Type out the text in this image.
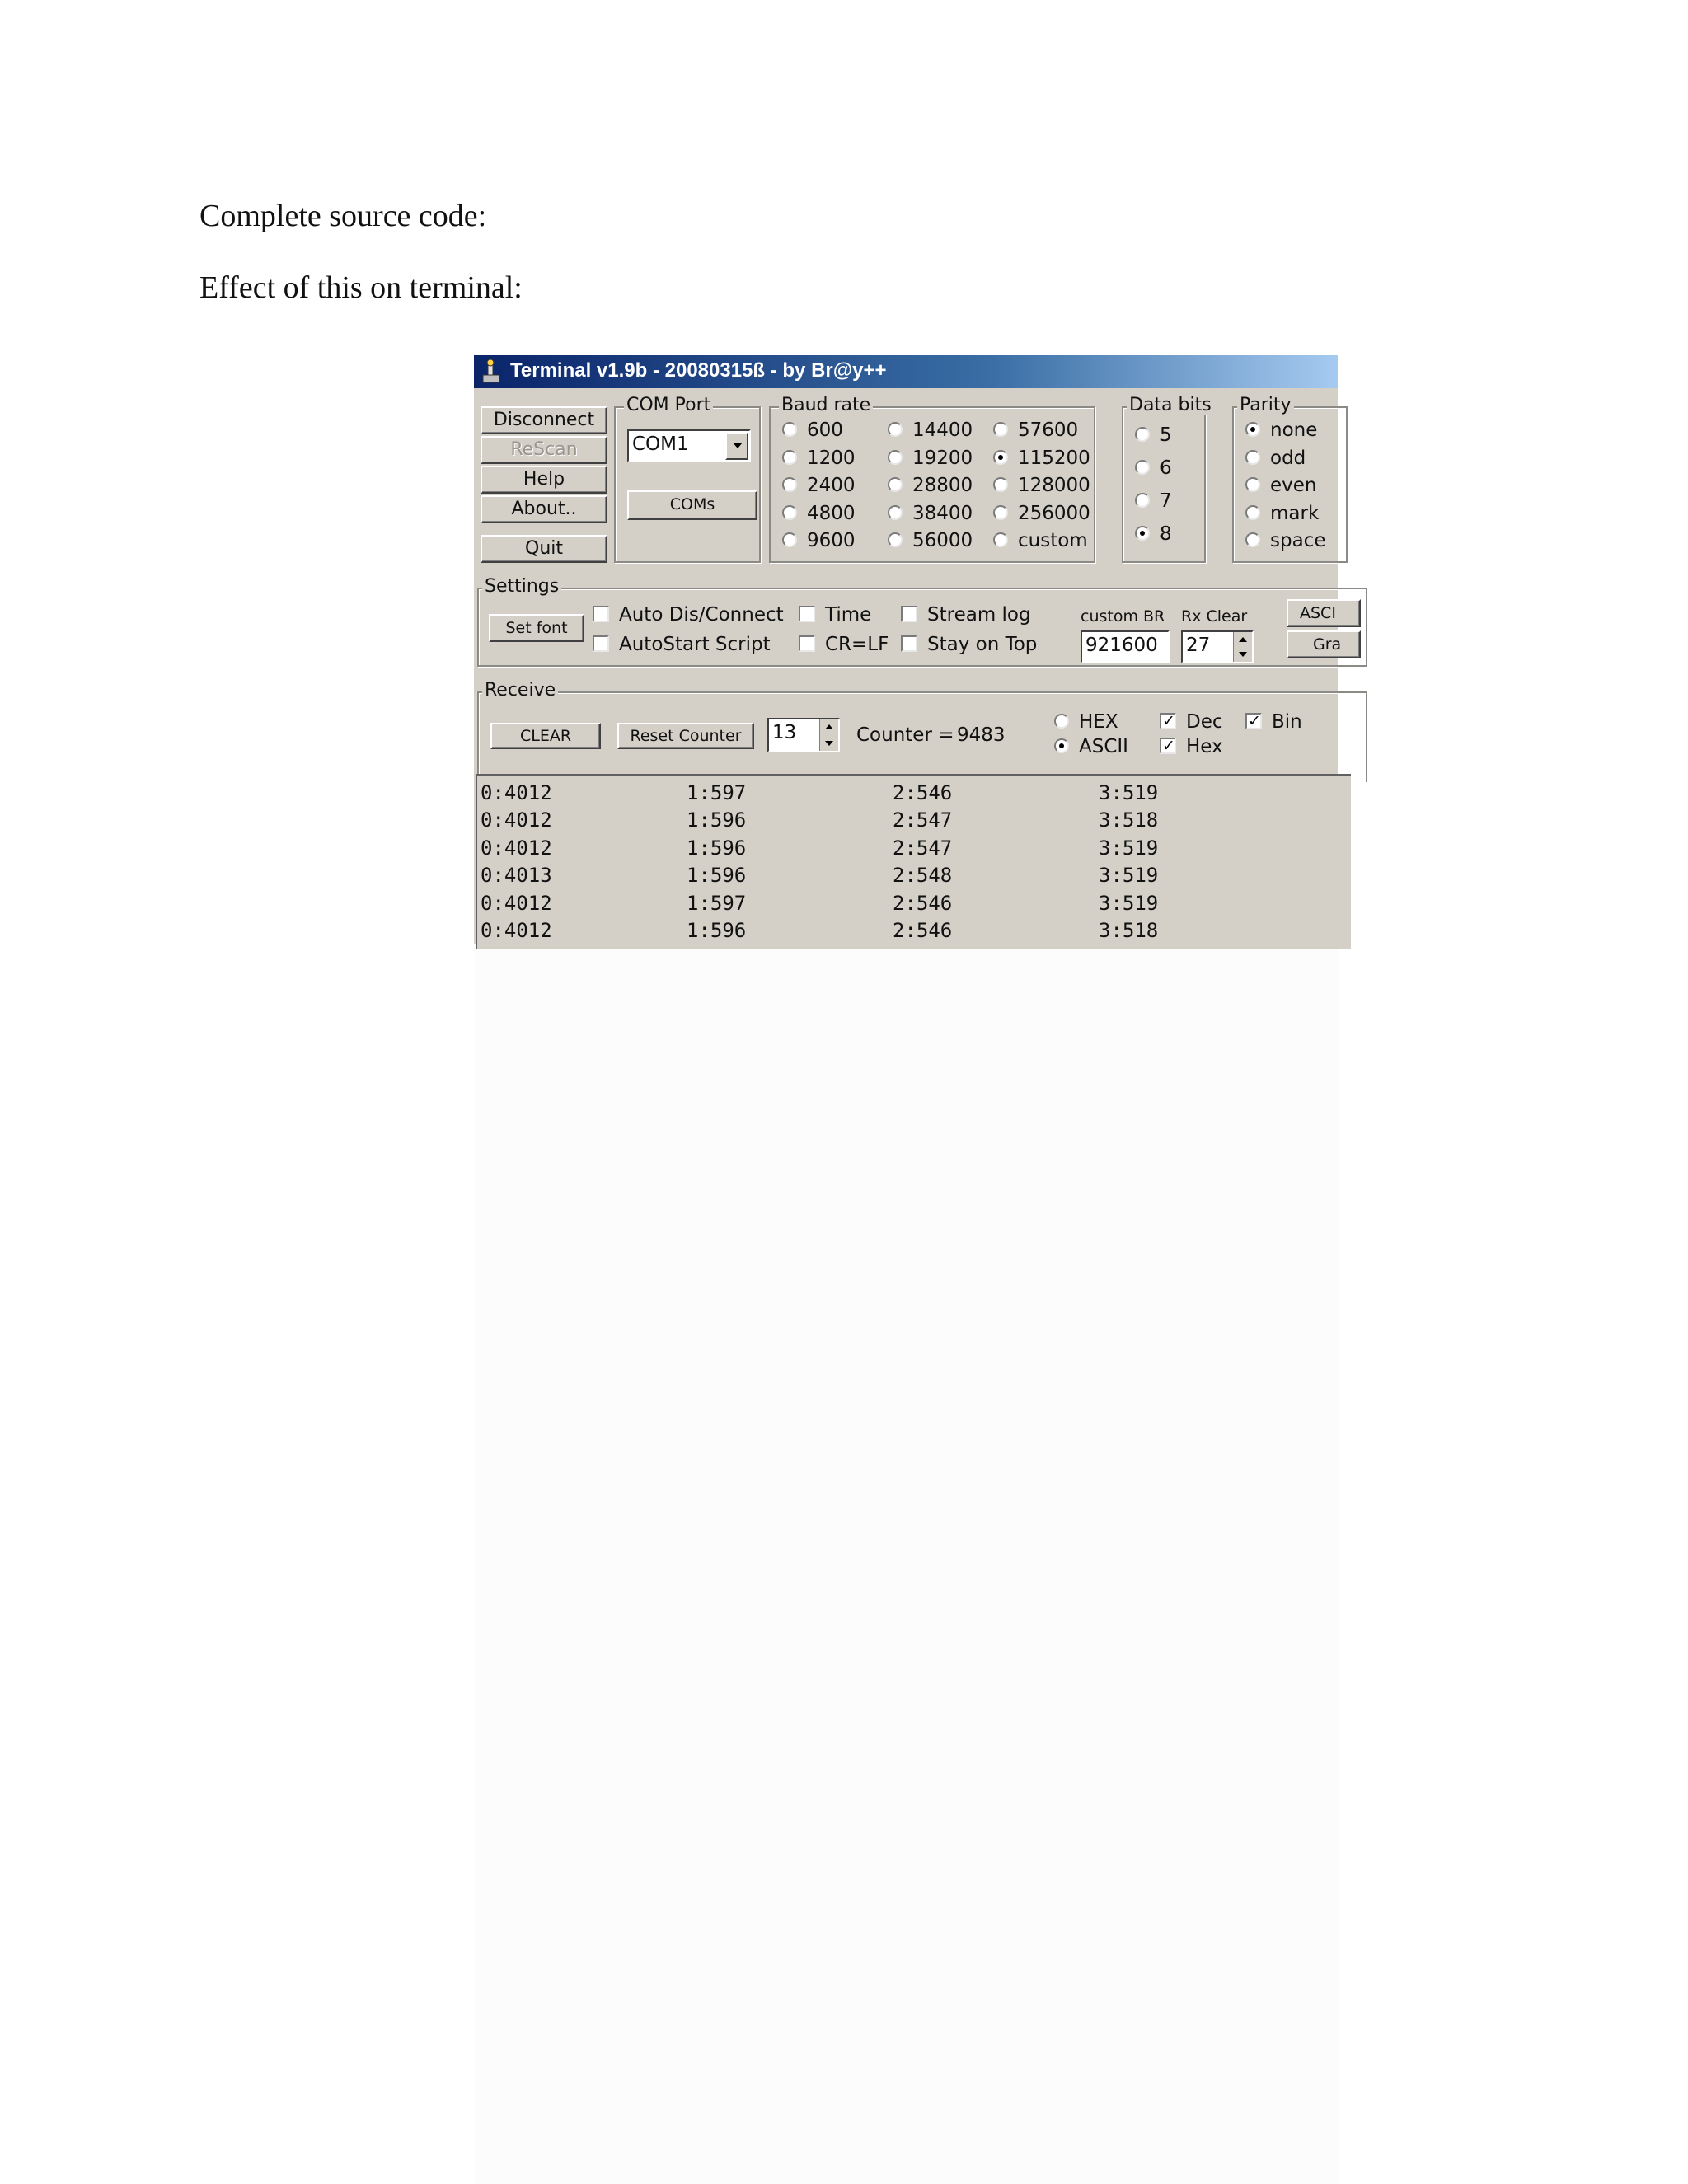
Complete source code:
Effect of this on terminal:
Terminal v1.9b - 20080315ß - by Br@y++
Disconnect
ReScan
Help
About..
Quit
COM Port
COM1
COMs
Baud rate
600
1200
2400
4800
9600
14400
19200
28800
38400
56000
57600
115200
128000
256000
custom
Data bits
5
6
7
8
Parity
none
odd
even
mark
space
Settings
Set font
Auto Dis/Connect
AutoStart Script
Time
CR=LF
Stream log
Stay on Top
custom BR
921600
Rx Clear
27
ASCI
Gra
Receive
CLEAR	Reset Counter	13	Counter = 9483
HEX
ASCII
✓Dec
✓Hex
✓Bin
0:4012	1:597	2:546	3:519
0:4012	1:596	2:547	3:518
0:4012	1:596	2:547	3:519
0:4013	1:596	2:548	3:519
0:4012	1:597	2:546	3:519
0:4012	1:596	2:546	3:518
